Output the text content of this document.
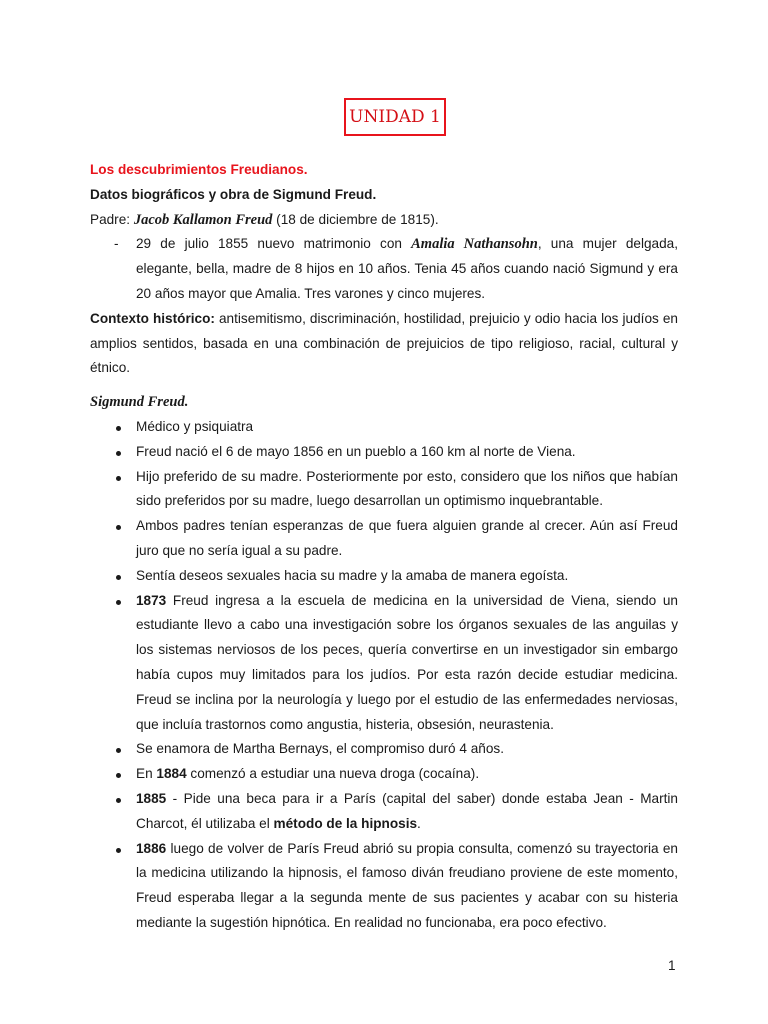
UNIDAD 1

Los descubrimientos Freudianos.

Datos biográficos y obra de Sigmund Freud.

Padre: Jacob Kallamon Freud (18 de diciembre de 1815).

- 29 de julio 1855 nuevo matrimonio con Amalia Nathansohn, una mujer delgada, elegante, bella, madre de 8 hijos en 10 años. Tenia 45 años cuando nació Sigmund y era 20 años mayor que Amalia. Tres varones y cinco mujeres.

Contexto histórico: antisemitismo, discriminación, hostilidad, prejuicio y odio hacia los judíos en amplios sentidos, basada en una combinación de prejuicios de tipo religioso, racial, cultural y étnico.

Sigmund Freud.

Médico y psiquiatra
Freud nació el 6 de mayo 1856 en un pueblo a 160 km al norte de Viena.
Hijo preferido de su madre. Posteriormente por esto, considero que los niños que habían sido preferidos por su madre, luego desarrollan un optimismo inquebrantable.
Ambos padres tenían esperanzas de que fuera alguien grande al crecer. Aún así Freud juro que no sería igual a su padre.
Sentía deseos sexuales hacia su madre y la amaba de manera egoísta.
1873 Freud ingresa a la escuela de medicina en la universidad de Viena, siendo un estudiante llevo a cabo una investigación sobre los órganos sexuales de las anguilas y los sistemas nerviosos de los peces, quería convertirse en un investigador sin embargo había cupos muy limitados para los judíos. Por esta razón decide estudiar medicina. Freud se inclina por la neurología y luego por el estudio de las enfermedades nerviosas, que incluía trastornos como angustia, histeria, obsesión, neurastenia.
Se enamora de Martha Bernays, el compromiso duró 4 años.
En 1884 comenzó a estudiar una nueva droga (cocaína).
1885 - Pide una beca para ir a París (capital del saber) donde estaba Jean - Martin Charcot, él utilizaba el método de la hipnosis.
1886 luego de volver de París Freud abrió su propia consulta, comenzó su trayectoria en la medicina utilizando la hipnosis, el famoso diván freudiano proviene de este momento, Freud esperaba llegar a la segunda mente de sus pacientes y acabar con su histeria mediante la sugestión hipnótica. En realidad no funcionaba, era poco efectivo.
1
